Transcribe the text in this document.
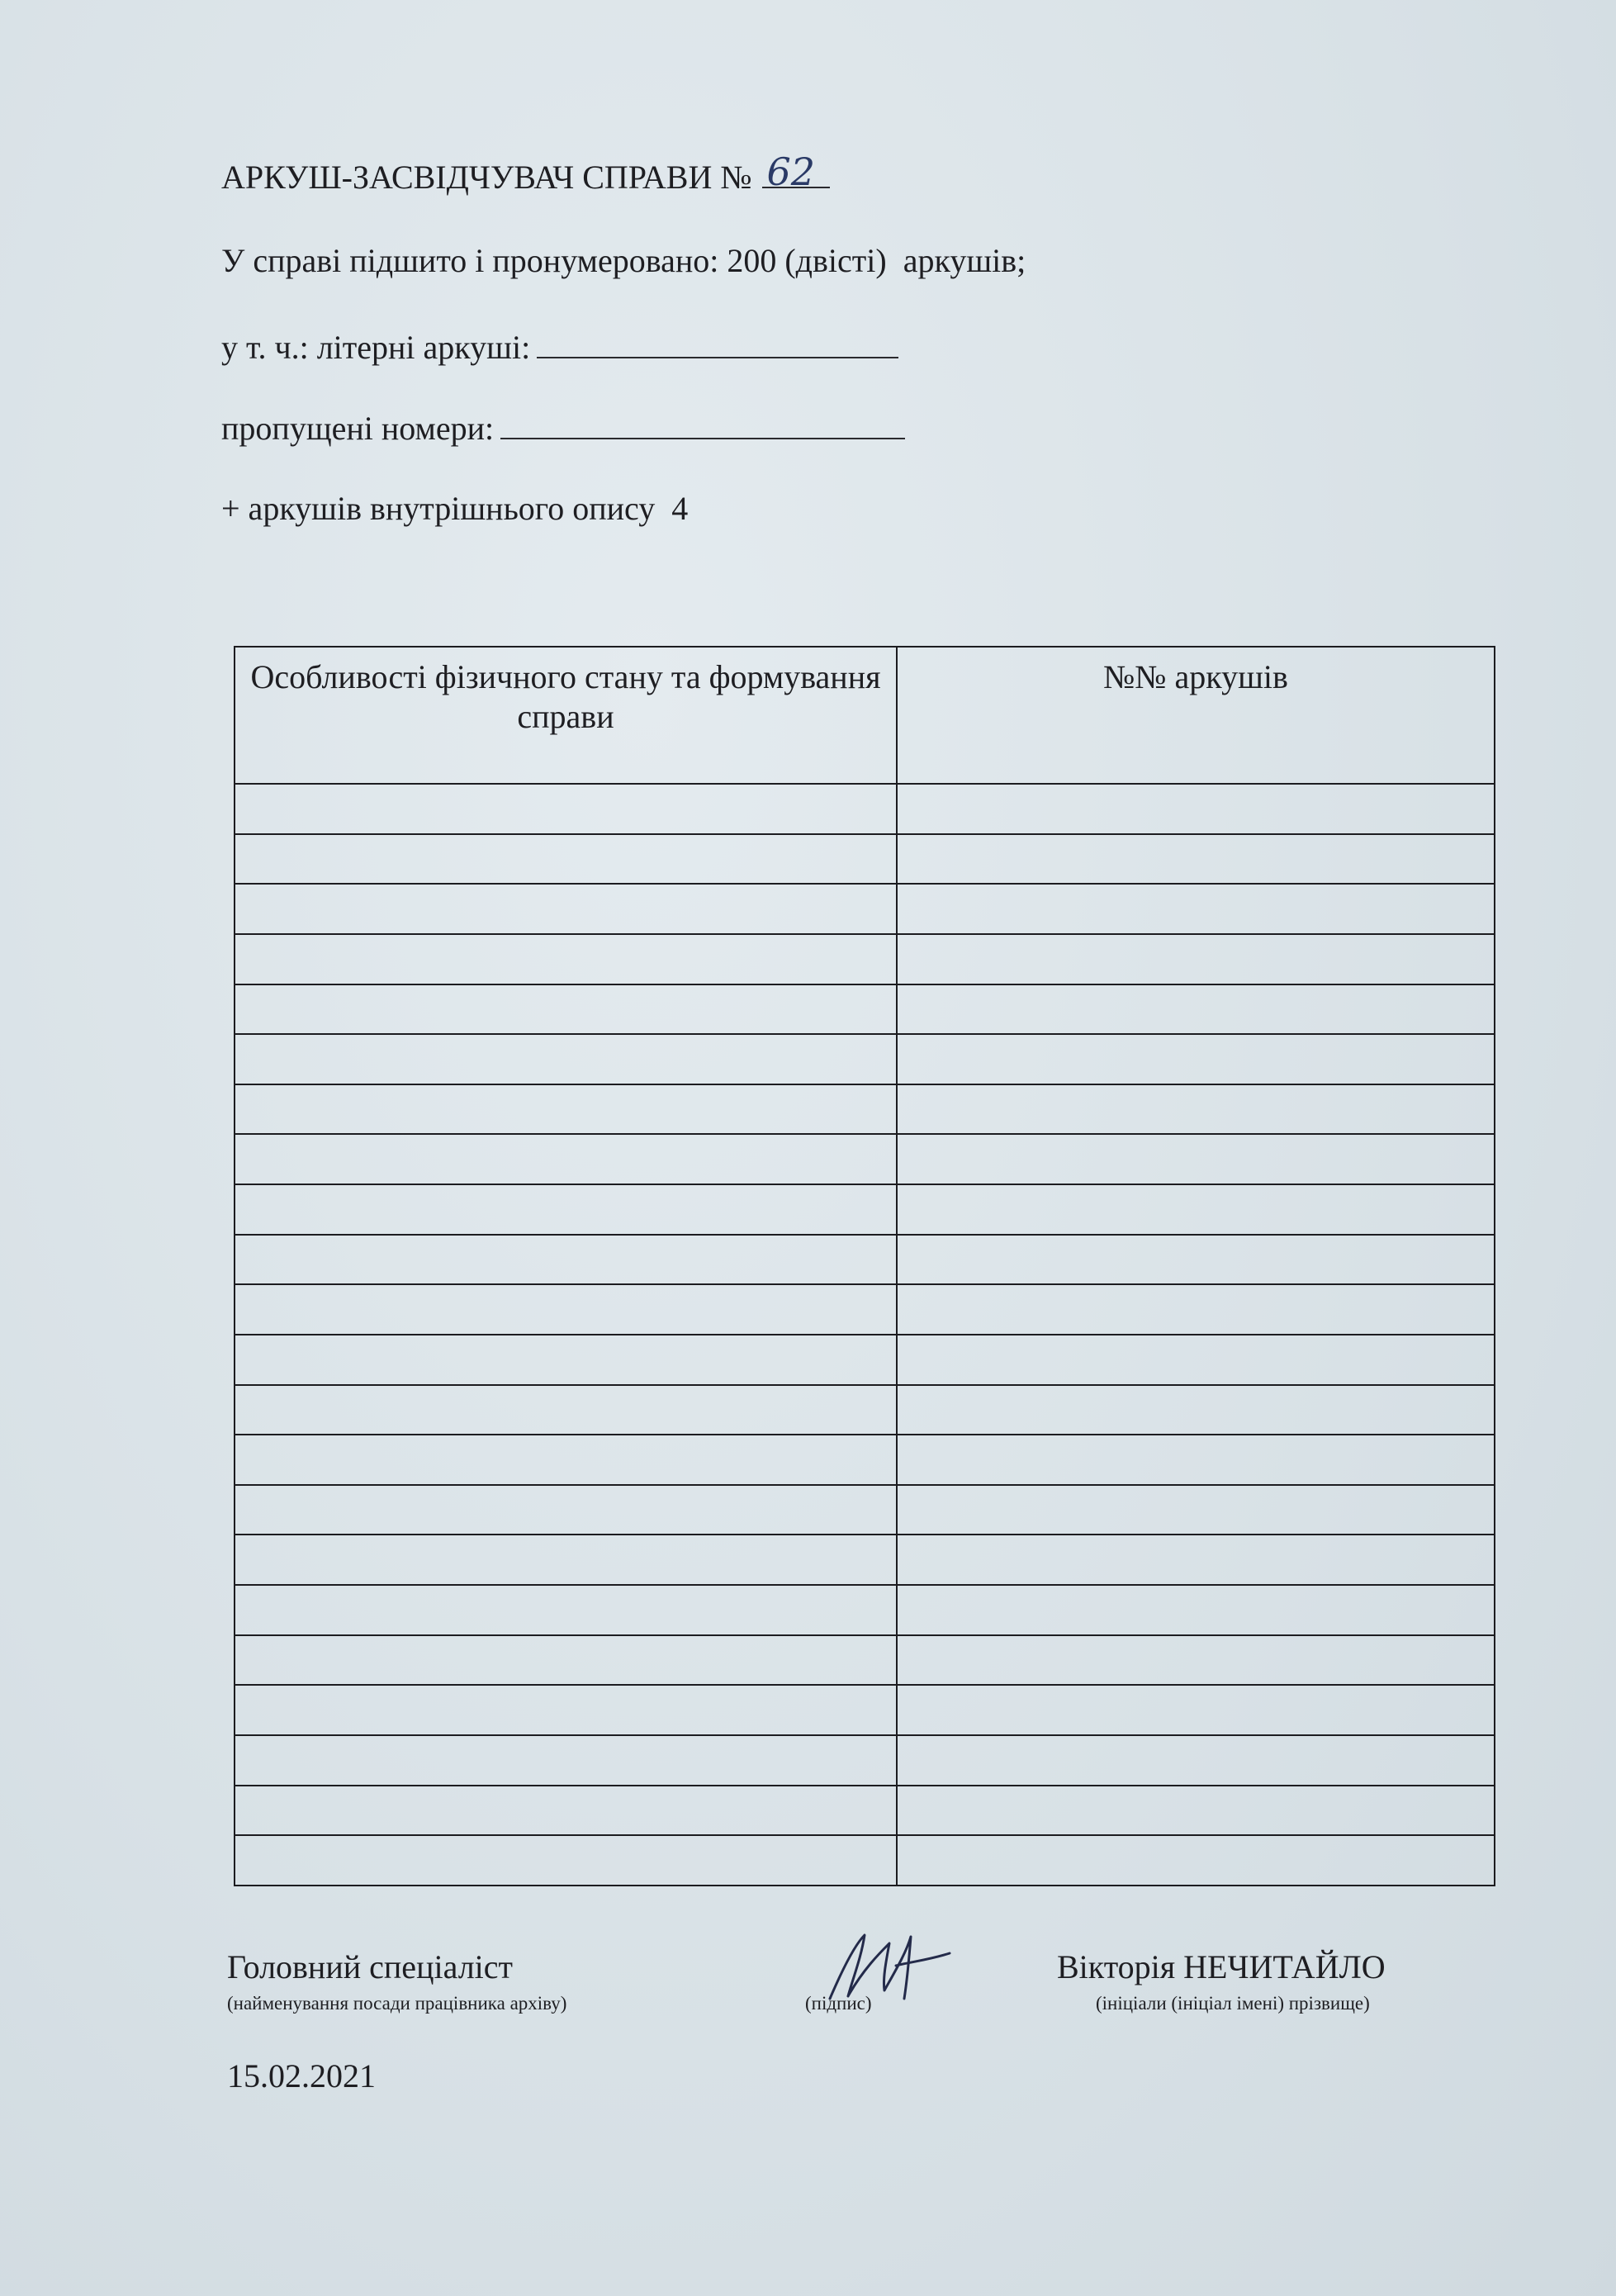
АРКУШ-ЗАСВІДЧУВАЧ СПРАВИ № 62
У справі підшито і пронумеровано: 200 (двісті)  аркушів;
у т. ч.: літерні аркуші:
пропущені номери:
+ аркушів внутрішнього опису  4
Особливості фізичного стану та формування справи	№№ аркушів

Головний спеціаліст
(найменування посади працівника архіву)	(підпис)
Вікторія НЕЧИТАЙЛО
(ініціали (ініціал імені) прізвище)
15.02.2021
